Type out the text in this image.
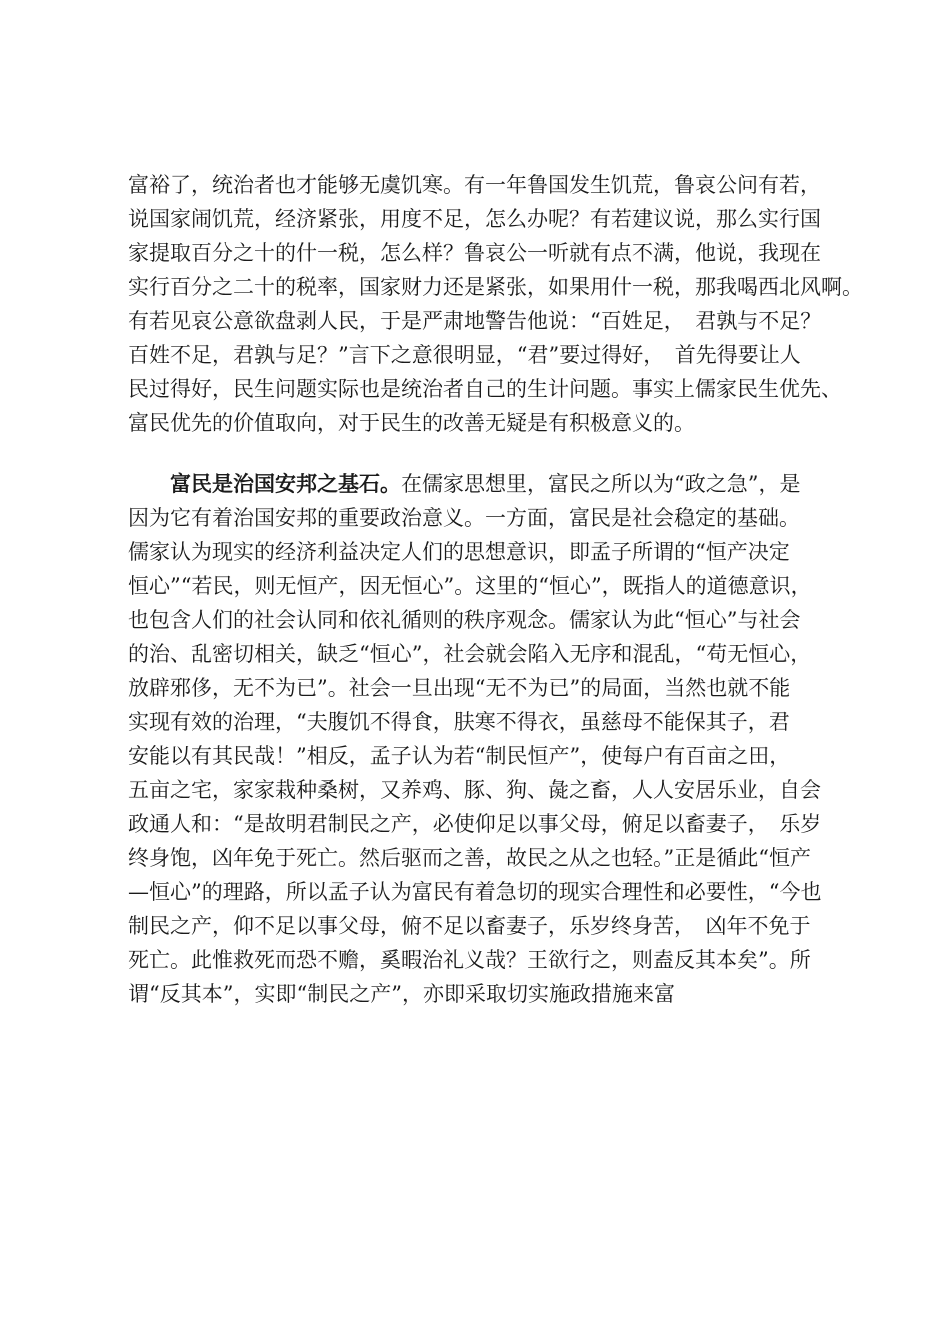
富裕了，统治者也才能够无虞饥寒。有一年鲁国发生饥荒，鲁哀公问有若，
说国家闹饥荒，经济紧张，用度不足，怎么办呢？有若建议说，那么实行国
家提取百分之十的什一税，怎么样？鲁哀公一听就有点不满，他说，我现在
实行百分之二十的税率，国家财力还是紧张，如果用什一税，那我喝西北风啊。
有若见哀公意欲盘剥人民，于是严肃地警告他说：“百姓足，　君孰与不足？
百姓不足，君孰与足？”言下之意很明显，“君”要过得好，　首先得要让人
民过得好，民生问题实际也是统治者自己的生计问题。事实上儒家民生优先、
富民优先的价值取向，对于民生的改善无疑是有积极意义的。
富民是治国安邦之基石。在儒家思想里，富民之所以为“政之急”，是
因为它有着治国安邦的重要政治意义。一方面，富民是社会稳定的基础。
儒家认为现实的经济利益决定人们的思想意识，即孟子所谓的“恒产决定
恒心”“若民，则无恒产，因无恒心”。这里的“恒心”，既指人的道德意识，
也包含人们的社会认同和依礼循则的秩序观念。儒家认为此“恒心”与社会
的治、乱密切相关，缺乏“恒心”，社会就会陷入无序和混乱，“苟无恒心，
放辟邪侈，无不为已”。社会一旦出现“无不为已”的局面，当然也就不能
实现有效的治理，“夫腹饥不得食，肤寒不得衣，虽慈母不能保其子，君
安能以有其民哉！”相反，孟子认为若“制民恒产”，使每户有百亩之田，
五亩之宅，家家栽种桑树，又养鸡、豚、狗、彘之畜，人人安居乐业，自会
政通人和：“是故明君制民之产，必使仰足以事父母，俯足以畜妻子，　乐岁
终身饱，凶年免于死亡。然后驱而之善，故民之从之也轻。”正是循此“恒产
—恒心”的理路，所以孟子认为富民有着急切的现实合理性和必要性，“今也
制民之产，仰不足以事父母，俯不足以畜妻子，乐岁终身苦，　凶年不免于
死亡。此惟救死而恐不赡，奚暇治礼义哉？王欲行之，则盍反其本矣”。所
谓“反其本”，实即“制民之产”，亦即采取切实施政措施来富
